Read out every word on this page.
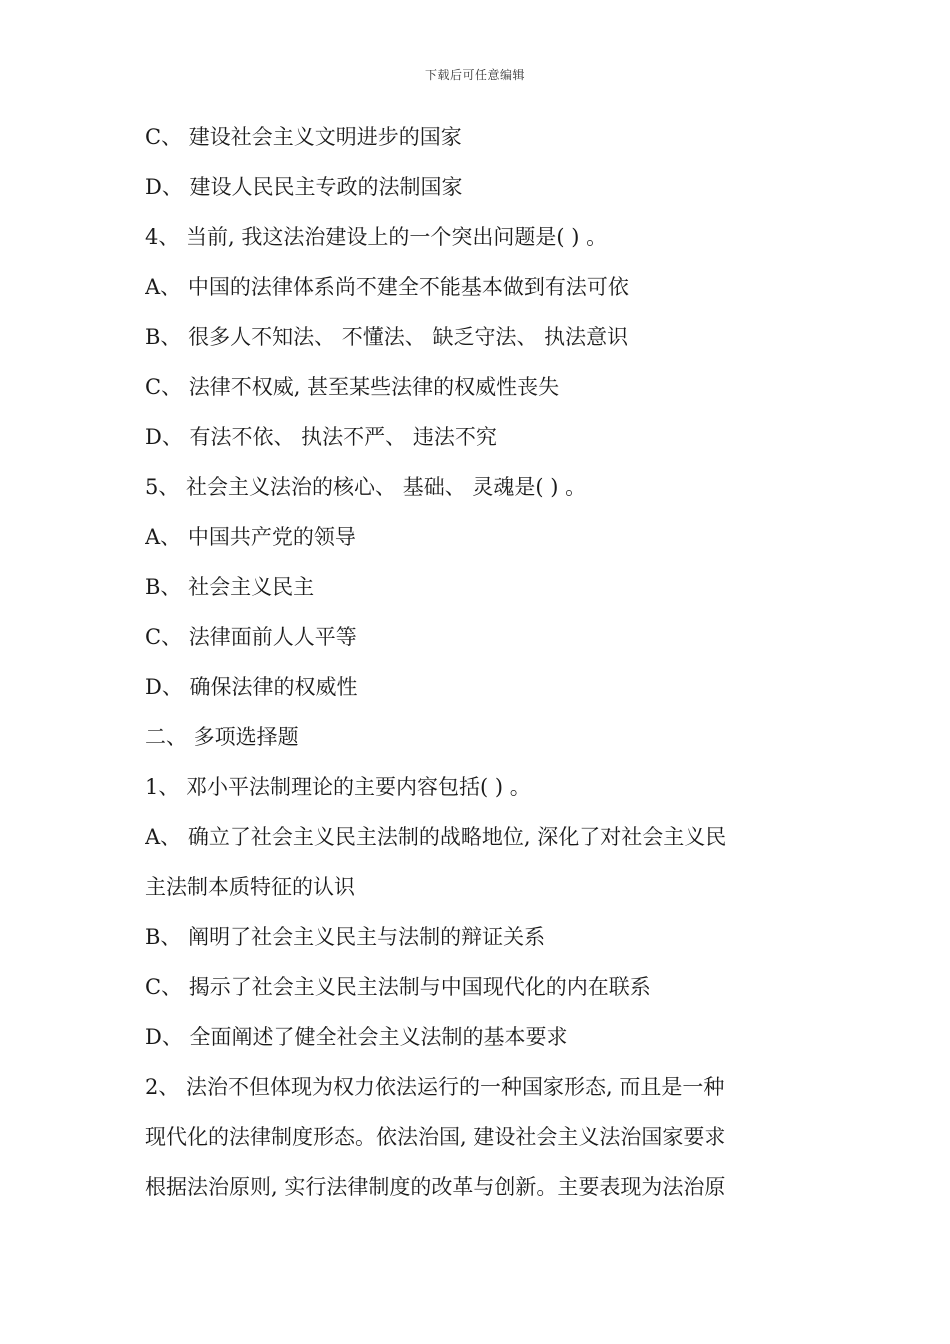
下载后可任意编辑
C、 建设社会主义文明进步的国家
D、 建设人民民主专政的法制国家
4、 当前, 我这法治建设上的一个突出问题是( ) 。
A、 中国的法律体系尚不建全不能基本做到有法可依
B、 很多人不知法、 不懂法、 缺乏守法、 执法意识
C、 法律不权威, 甚至某些法律的权威性丧失
D、 有法不依、 执法不严、 违法不究
5、 社会主义法治的核心、 基础、 灵魂是( ) 。
A、 中国共产党的领导
B、 社会主义民主
C、 法律面前人人平等
D、 确保法律的权威性
二、 多项选择题
1、 邓小平法制理论的主要内容包括( ) 。
A、 确立了社会主义民主法制的战略地位, 深化了对社会主义民
主法制本质特征的认识
B、 阐明了社会主义民主与法制的辩证关系
C、 揭示了社会主义民主法制与中国现代化的内在联系
D、 全面阐述了健全社会主义法制的基本要求
2、 法治不但体现为权力依法运行的一种国家形态, 而且是一种
现代化的法律制度形态。依法治国, 建设社会主义法治国家要求
根据法治原则, 实行法律制度的改革与创新。主要表现为法治原
